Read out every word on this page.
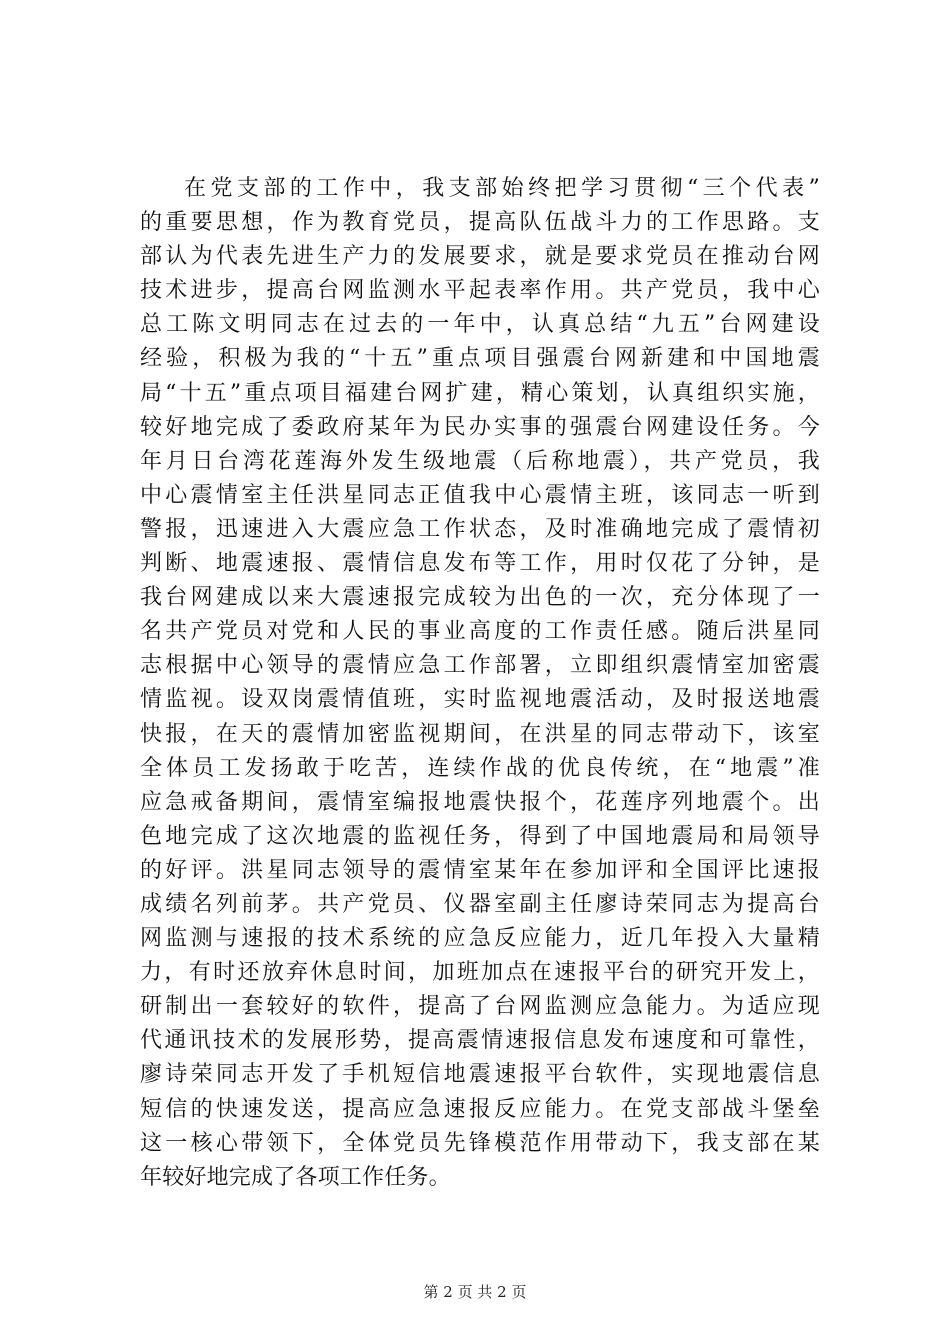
在党支部的工作中，我支部始终把学习贯彻“三个代表”
的重要思想，作为教育党员，提高队伍战斗力的工作思路。支
部认为代表先进生产力的发展要求，就是要求党员在推动台网
技术进步，提高台网监测水平起表率作用。共产党员，我中心
总工陈文明同志在过去的一年中，认真总结“九五”台网建设
经验，积极为我的“十五”重点项目强震台网新建和中国地震
局“十五”重点项目福建台网扩建，精心策划，认真组织实施，
较好地完成了委政府某年为民办实事的强震台网建设任务。今
年月日台湾花莲海外发生级地震（后称地震），共产党员，我
中心震情室主任洪星同志正值我中心震情主班，该同志一听到
警报，迅速进入大震应急工作状态，及时准确地完成了震情初
判断、地震速报、震情信息发布等工作，用时仅花了分钟，是
我台网建成以来大震速报完成较为出色的一次，充分体现了一
名共产党员对党和人民的事业高度的工作责任感。随后洪星同
志根据中心领导的震情应急工作部署，立即组织震情室加密震
情监视。设双岗震情值班，实时监视地震活动，及时报送地震
快报，在天的震情加密监视期间，在洪星的同志带动下，该室
全体员工发扬敢于吃苦，连续作战的优良传统，在“地震”准
应急戒备期间，震情室编报地震快报个，花莲序列地震个。出
色地完成了这次地震的监视任务，得到了中国地震局和局领导
的好评。洪星同志领导的震情室某年在参加评和全国评比速报
成绩名列前茅。共产党员、仪器室副主任廖诗荣同志为提高台
网监测与速报的技术系统的应急反应能力，近几年投入大量精
力，有时还放弃休息时间，加班加点在速报平台的研究开发上，
研制出一套较好的软件，提高了台网监测应急能力。为适应现
代通讯技术的发展形势，提高震情速报信息发布速度和可靠性，
廖诗荣同志开发了手机短信地震速报平台软件，实现地震信息
短信的快速发送，提高应急速报反应能力。在党支部战斗堡垒
这一核心带领下，全体党员先锋模范作用带动下，我支部在某
年较好地完成了各项工作任务。
第 2 页 共 2 页
